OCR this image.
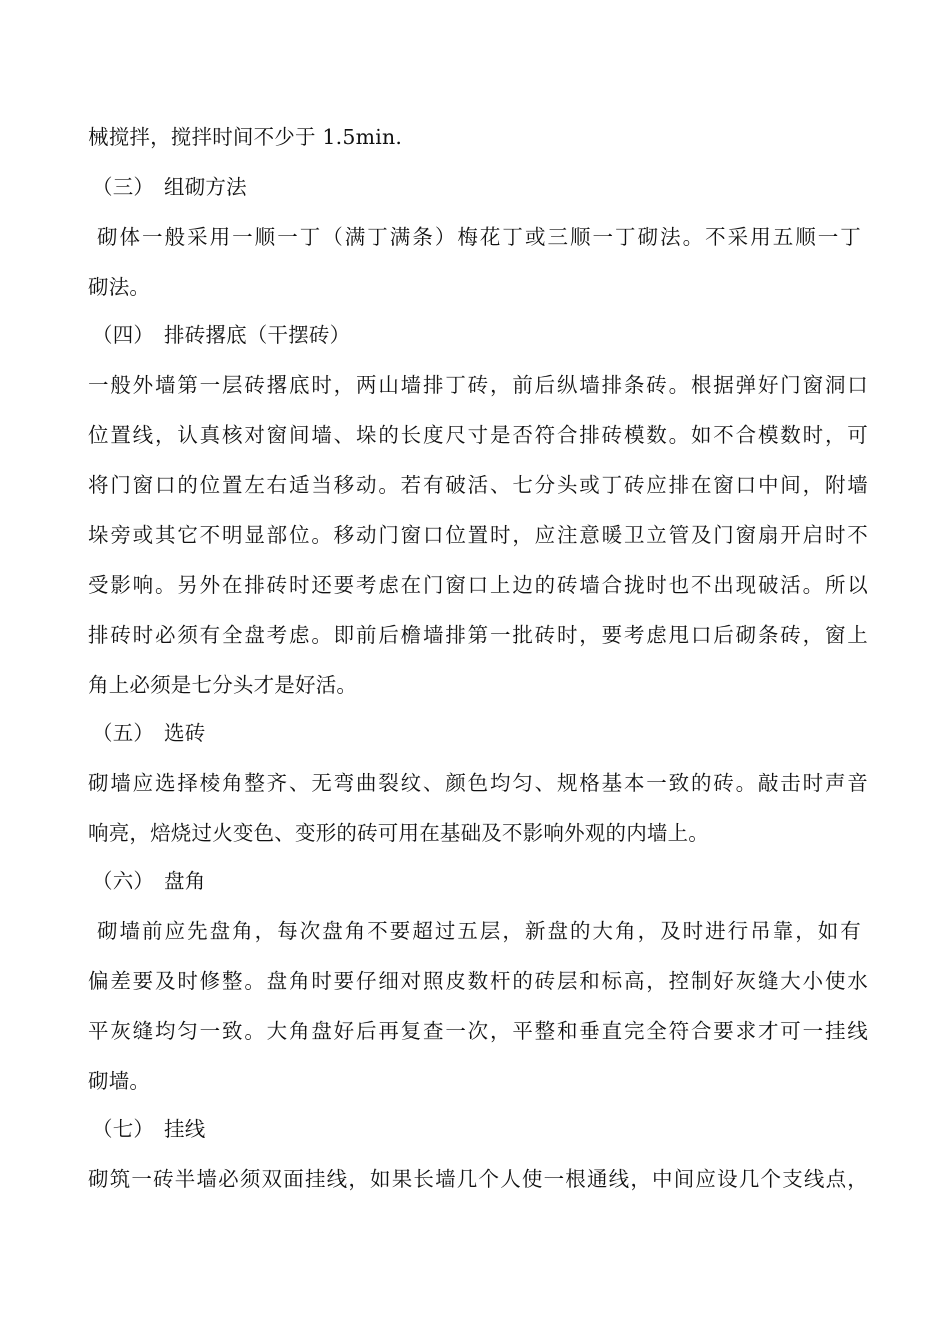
械搅拌，搅拌时间不少于 1.5min.
（三） 组砌方法
砌体一般采用一顺一丁（满丁满条）梅花丁或三顺一丁砌法。不采用五顺一丁
砌法。
（四） 排砖撂底（干摆砖）
一般外墙第一层砖撂底时，两山墙排丁砖，前后纵墙排条砖。根据弹好门窗洞口
位置线，认真核对窗间墙、垛的长度尺寸是否符合排砖模数。如不合模数时，可
将门窗口的位置左右适当移动。若有破活、七分头或丁砖应排在窗口中间，附墙
垛旁或其它不明显部位。移动门窗口位置时，应注意暖卫立管及门窗扇开启时不
受影响。另外在排砖时还要考虑在门窗口上边的砖墙合拢时也不出现破活。所以
排砖时必须有全盘考虑。即前后檐墙排第一批砖时，要考虑甩口后砌条砖，窗上
角上必须是七分头才是好活。
（五） 选砖
砌墙应选择棱角整齐、无弯曲裂纹、颜色均匀、规格基本一致的砖。敲击时声音
响亮，焙烧过火变色、变形的砖可用在基础及不影响外观的内墙上。
（六） 盘角
砌墙前应先盘角，每次盘角不要超过五层，新盘的大角，及时进行吊靠，如有
偏差要及时修整。盘角时要仔细对照皮数杆的砖层和标高，控制好灰缝大小使水
平灰缝均匀一致。大角盘好后再复查一次，平整和垂直完全符合要求才可一挂线
砌墙。
（七） 挂线
砌筑一砖半墙必须双面挂线，如果长墙几个人使一根通线，中间应设几个支线点，
